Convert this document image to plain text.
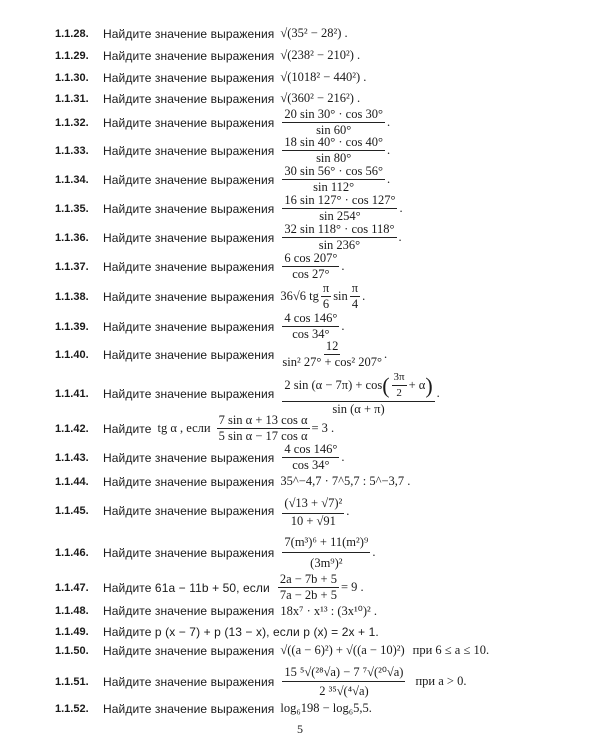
1.1.28.	Найдите значение выражения √(35² − 28²) .
1.1.29.	Найдите значение выражения √(238² − 210²) .
1.1.30.	Найдите значение выражения √(1018² − 440²) .
1.1.31.	Найдите значение выражения √(360² − 216²) .
1.1.32.	Найдите значение выражения $\frac{20 \sin 30^\circ \cdot \cos 30^\circ}{\sin 60^\circ}$ .
1.1.33.	Найдите значение выражения $\frac{18 \sin 40^\circ \cdot \cos 40^\circ}{\sin 80^\circ}$ .
1.1.34.	Найдите значение выражения $\frac{30 \sin 56^\circ \cdot \cos 56^\circ}{\sin 112^\circ}$ .
1.1.35.	Найдите значение выражения $\frac{16 \sin 127^\circ \cdot \cos 127^\circ}{\sin 254^\circ}$ .
1.1.36.	Найдите значение выражения $\frac{32 \sin 118^\circ \cdot \cos 118^\circ}{\sin 236^\circ}$ .
1.1.37.	Найдите значение выражения $\frac{6 \cos 207^\circ}{\cos 27^\circ}$ .
1.1.38.	Найдите значение выражения 36√6 tg $\frac{\pi}{6}$ $\sin \frac{\pi}{4}$ .
1.1.39.	Найдите значение выражения $\frac{4 \cos 146^\circ}{\cos 34^\circ}$ .
1.1.40.	Найдите значение выражения $\frac{12}{\text{sin² 27° + cos² 207°}}$ .
1.1.41.	Найдите значение выражения
2 sin (α − 7π) + cos ( $\frac{3\pi}{2} + \alpha$ )
sin (α + π)
.
1.1.42.	Найдите tg α , если $\frac{\text{7 sin α + 13 cos α}}{\text{5 sin α − 17 cos α}} = 3$ .
1.1.43.	Найдите значение выражения $\frac{4 \cos 146^\circ}{\cos 34^\circ}$ .
1.1.44.	Найдите значение выражения 35^−4,7 · 7^5,7 : 5^−3,7 .
1.1.45.	Найдите значение выражения $\frac{\text{(√13 + √7)²}}{10 + √91}$ .
1.1.46.	Найдите значение выражения $\frac{\text{7(m³)⁶ + 11(m²)⁹}}{\text{(3m⁹)²}}$ .
1.1.47.	Найдите 61a − 11b + 50, если $\frac{2a - 7b + 5}{7a - 2b + 5} = 9$ .
1.1.48.	Найдите значение выражения 18x⁷ · x¹³ : (3x¹⁰)² .
1.1.49.	Найдите p (x − 7) + p (13 − x), если p (x) = 2x + 1.
1.1.50.	Найдите значение выражения √((a − 6)²) + √((a − 10)²) при 6 ≤ a ≤ 10.
1.1.51.	Найдите значение выражения $\frac{\text{15 ⁵√(²⁸√a) − 7 ⁷√(²⁰√a)}}{\text{2 ³⁵√(⁴√a)}}$ при a > 0.
1.1.52.	Найдите значение выражения log₆198 − log₆5,5.
5
